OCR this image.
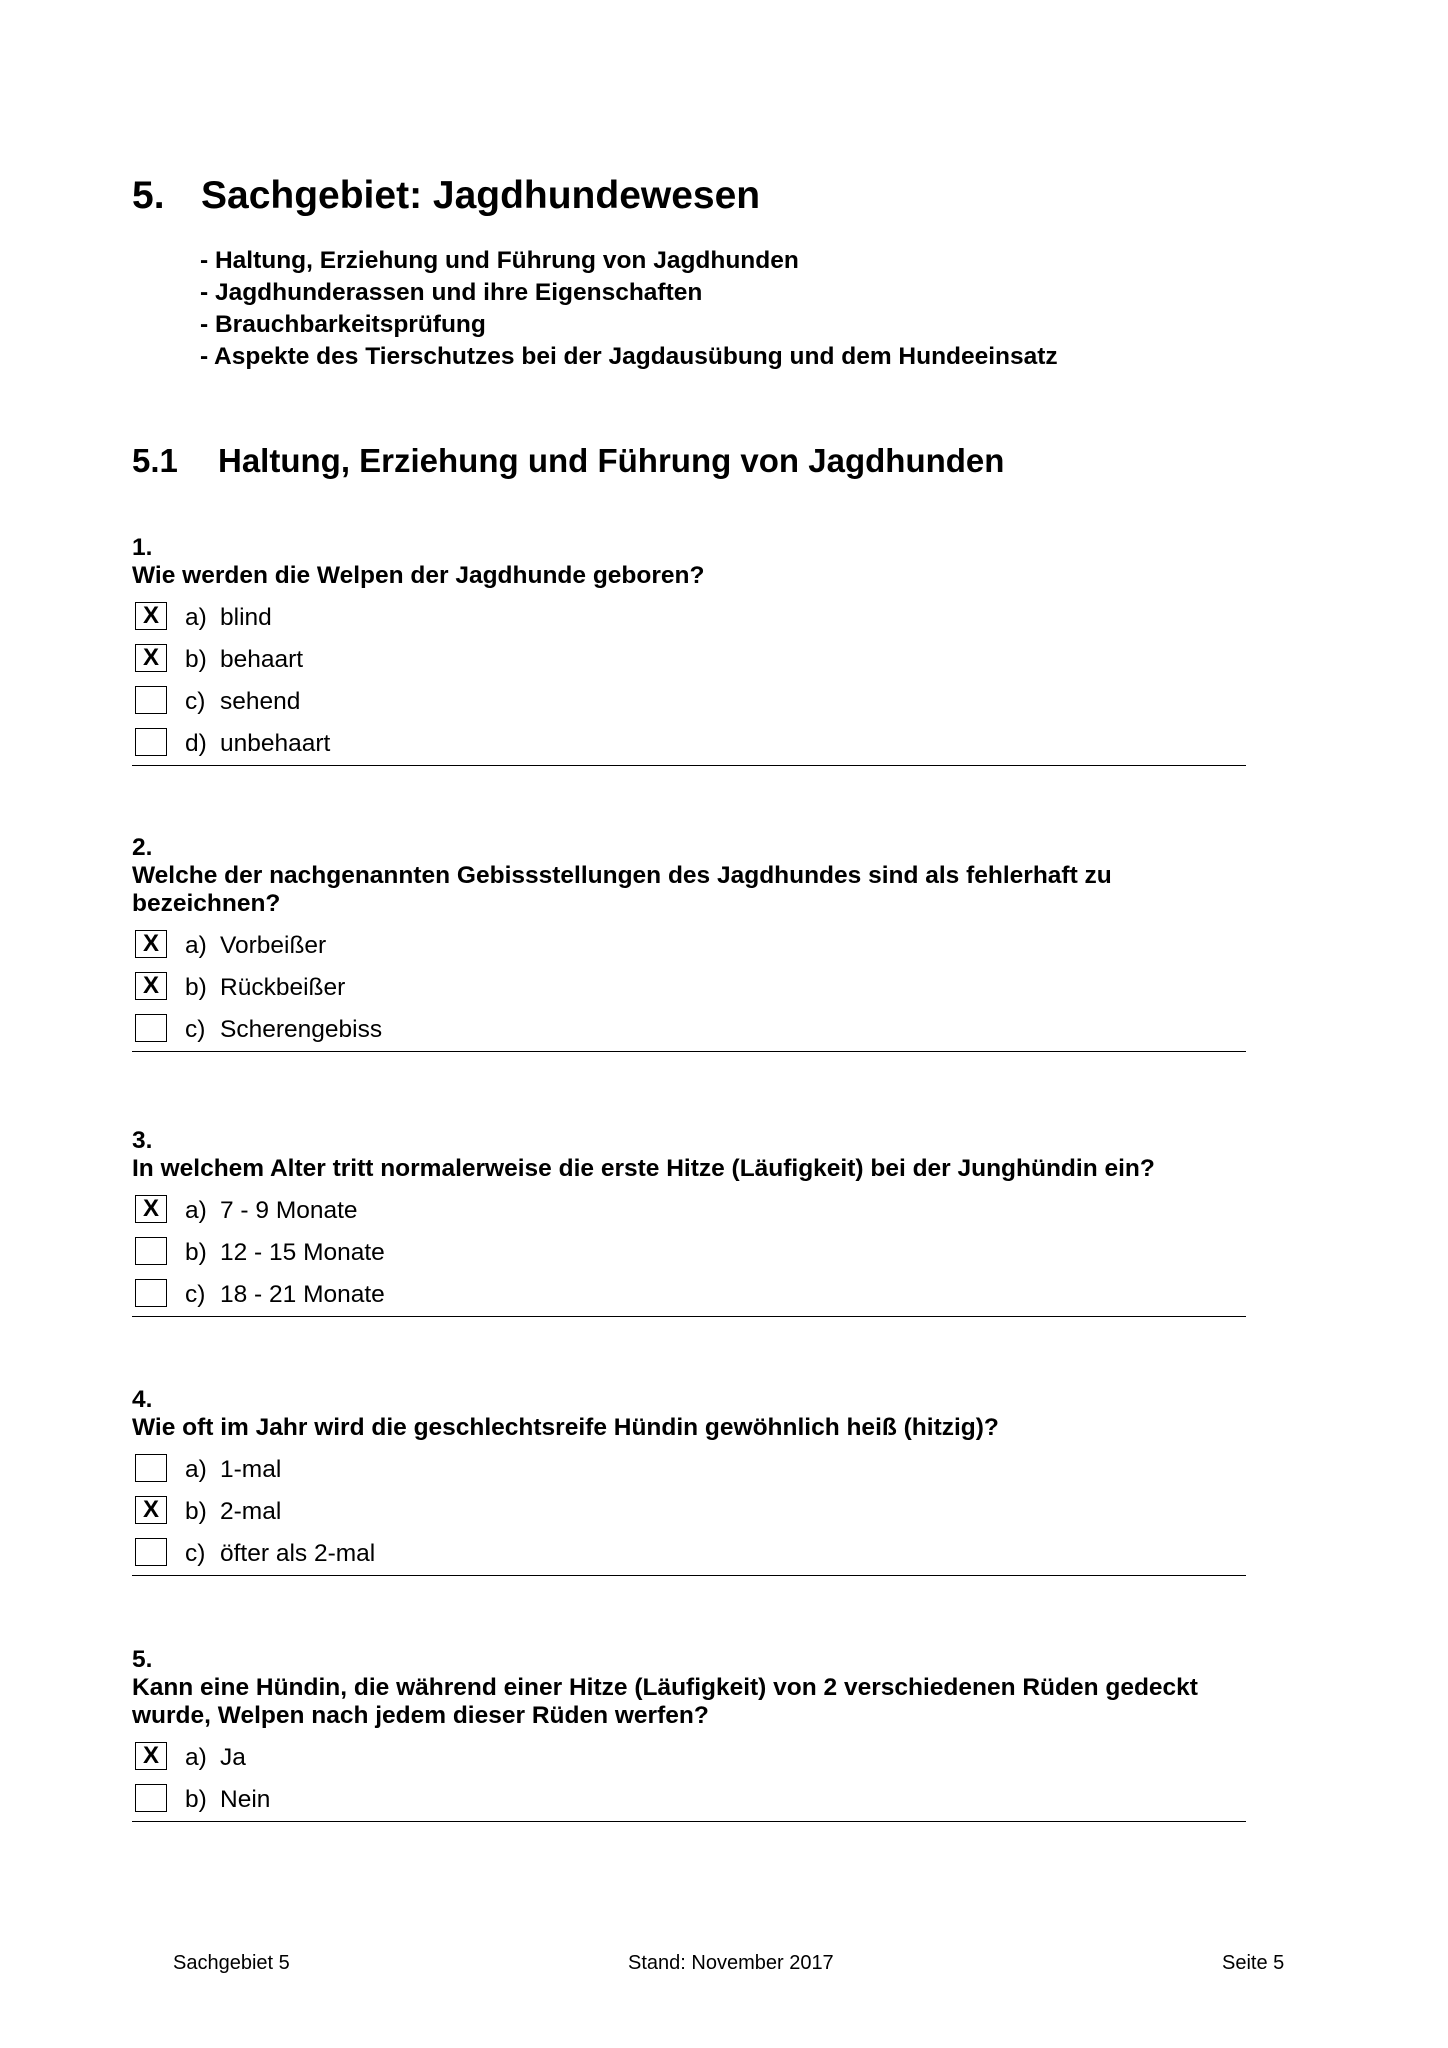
5. Sachgebiet: Jagdhundewesen
- Haltung, Erziehung und Führung von Jagdhunden
- Jagdhunderassen und ihre Eigenschaften
- Brauchbarkeitsprüfung
- Aspekte des Tierschutzes bei der Jagdausübung und dem Hundeeinsatz
5.1 Haltung, Erziehung und Führung von Jagdhunden
1.
Wie werden die Welpen der Jagdhunde geboren?
X	a) blind
X	b) behaart
c) sehend
d) unbehaart
2.
Welche der nachgenannten Gebissstellungen des Jagdhundes sind als fehlerhaft zu bezeichnen?
X	a) Vorbeißer
X	b) Rückbeißer
c) Scherengebiss
3.
In welchem Alter tritt normalerweise die erste Hitze (Läufigkeit) bei der Junghündin ein?
X	a) 7 - 9 Monate
b) 12 - 15 Monate
c) 18 - 21 Monate
4.
Wie oft im Jahr wird die geschlechtsreife Hündin gewöhnlich heiß (hitzig)?
a) 1-mal
X	b) 2-mal
c) öfter als 2-mal
5.
Kann eine Hündin, die während einer Hitze (Läufigkeit) von 2 verschiedenen Rüden gedeckt wurde, Welpen nach jedem dieser Rüden werfen?
X	a) Ja
b) Nein
Sachgebiet 5	Stand: November 2017	Seite 5
